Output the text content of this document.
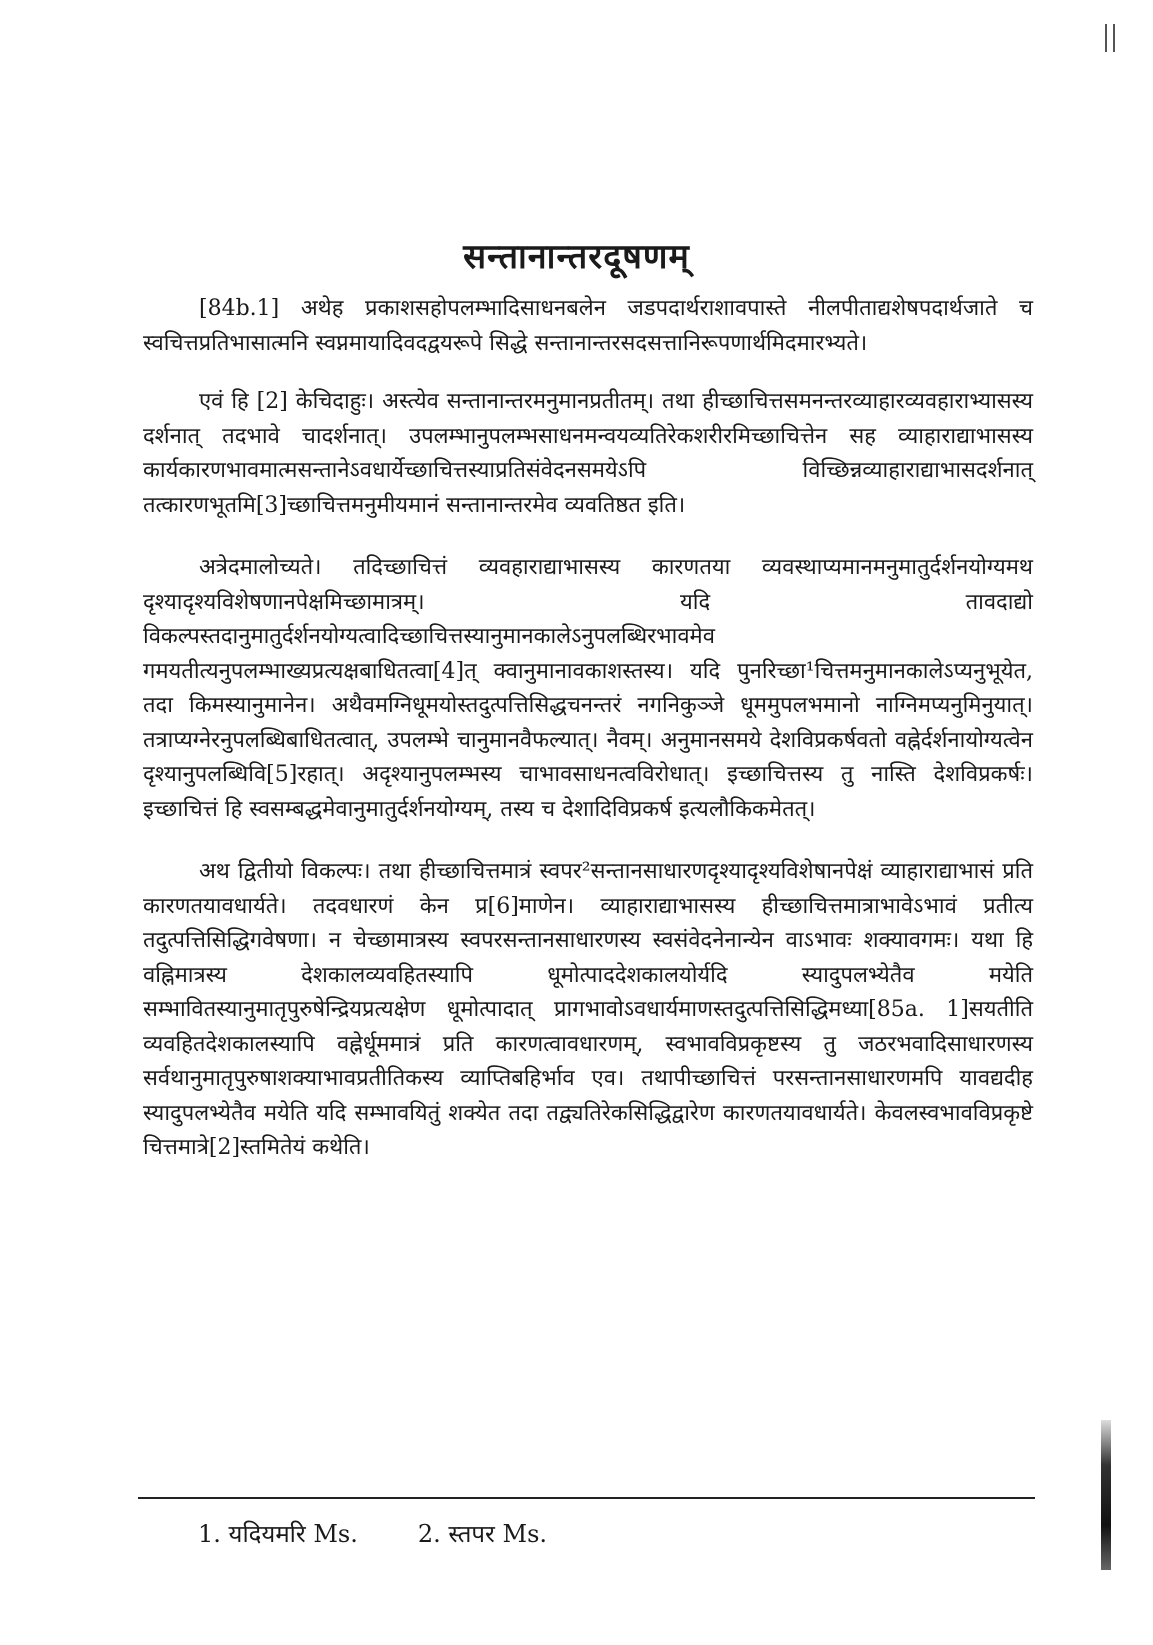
सन्तानान्तरदूषणम्

[84b.1] अथेह प्रकाशसहोपलम्भादिसाधनबलेन जडपदार्थराशावपास्ते नीलपीताद्यशेषपदार्थजाते च स्वचित्तप्रतिभासात्मनि स्वप्नमायादिवदद्वयरूपे सिद्धे सन्तानान्तरसदसत्तानिरूपणार्थमिदमारभ्यते।

एवं हि [2] केचिदाहुः। अस्त्येव सन्तानान्तरमनुमानप्रतीतम्। तथा हीच्छाचित्तसमनन्तरव्याहारव्यवहाराभ्यासस्य दर्शनात् तदभावे चादर्शनात्। उपलम्भानुपलम्भसाधनमन्वयव्यतिरेकशरीरमिच्छाचित्तेन सह व्याहाराद्याभासस्य कार्यकारणभावमात्मसन्तानेऽवधार्येच्छाचित्तस्याप्रतिसंवेदनसमयेऽपि विच्छिन्नव्याहाराद्याभासदर्शनात् तत्कारणभूतमि[3]च्छाचित्तमनुमीयमानं सन्तानान्तरमेव व्यवतिष्ठत इति।

अत्रेदमालोच्यते। तदिच्छाचित्तं व्यवहाराद्याभासस्य कारणतया व्यवस्थाप्यमानमनुमातुर्दर्शनयोग्यमथ दृश्यादृश्यविशेषणानपेक्षमिच्छामात्रम्। यदि तावदाद्यो विकल्पस्तदानुमातुर्दर्शनयोग्यत्वादिच्छाचित्तस्यानुमानकालेऽनुपलब्धिरभावमेव गमयतीत्यनुपलम्भाख्यप्रत्यक्षबाधितत्वा[4]त् क्वानुमानावकाशस्तस्य। यदि पुनरिच्छा¹चित्तमनुमानकालेऽप्यनुभूयेत, तदा किमस्यानुमानेन। अथैवमग्निधूमयोस्तदुत्पत्तिसिद्धचनन्तरं नगनिकुञ्जे धूममुपलभमानो नाग्निमप्यनुमिनुयात्। तत्राप्यग्नेरनुपलब्धिबाधितत्वात्, उपलम्भे चानुमानवैफल्यात्। नैवम्। अनुमानसमये देशविप्रकर्षवतो वह्नेर्दर्शनायोग्यत्वेन दृश्यानुपलब्धिवि[5]रहात्। अदृश्यानुपलम्भस्य चाभावसाधनत्वविरोधात्। इच्छाचित्तस्य तु नास्ति देशविप्रकर्षः। इच्छाचित्तं हि स्वसम्बद्धमेवानुमातुर्दर्शनयोग्यम्, तस्य च देशादिविप्रकर्ष इत्यलौकिकमेतत्।

अथ द्वितीयो विकल्पः। तथा हीच्छाचित्तमात्रं स्वपर²सन्तानसाधारणदृश्यादृश्यविशेषानपेक्षं व्याहाराद्याभासं प्रति कारणतयावधार्यते। तदवधारणं केन प्र[6]माणेन। व्याहाराद्याभासस्य हीच्छाचित्तमात्राभावेऽभावं प्रतीत्य तदुत्पत्तिसिद्धिगवेषणा। न चेच्छामात्रस्य स्वपरसन्तानसाधारणस्य स्वसंवेदनेनान्येन वाऽभावः शक्यावगमः। यथा हि वह्निमात्रस्य देशकालव्यवहितस्यापि धूमोत्पाददेशकालयोर्यदि स्यादुपलभ्येतैव मयेति सम्भावितस्यानुमातृपुरुषेन्द्रियप्रत्यक्षेण धूमोत्पादात् प्रागभावोऽवधार्यमाणस्तदुत्पत्तिसिद्धिमध्या[85a. 1]सयतीति व्यवहितदेशकालस्यापि वह्नेर्धूममात्रं प्रति कारणत्वावधारणम्, स्वभावविप्रकृष्टस्य तु जठरभवादिसाधारणस्य सर्वथानुमातृपुरुषाशक्याभावप्रतीतिकस्य व्याप्तिबहिर्भाव एव। तथापीच्छाचित्तं परसन्तानसाधारणमपि यावद्यदीह स्यादुपलभ्येतैव मयेति यदि सम्भावयितुं शक्येत तदा तद्व्यतिरेकसिद्धिद्वारेण कारणतयावधार्यते। केवलस्वभावविप्रकृष्टे चित्तमात्रे[2]स्तमितेयं कथेति।

1. यदियमरि Ms.	2. स्तपर Ms.
